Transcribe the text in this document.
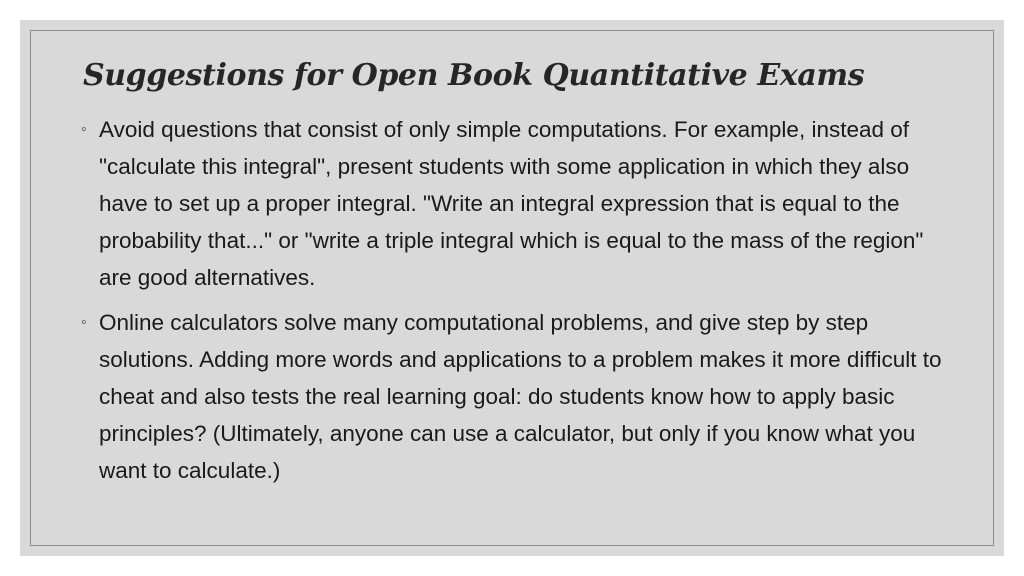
Suggestions for Open Book Quantitative Exams
◦ Avoid questions that consist of only simple computations. For example, instead of "calculate this integral", present students with some application in which they also have to set up a proper integral. "Write an integral expression that is equal to the probability that..." or "write a triple integral which is equal to the mass of the region" are good alternatives.
◦ Online calculators solve many computational problems, and give step by step solutions. Adding more words and applications to a problem makes it more difficult to cheat and also tests the real learning goal: do students know how to apply basic principles? (Ultimately, anyone can use a calculator, but only if you know what you want to calculate.)
